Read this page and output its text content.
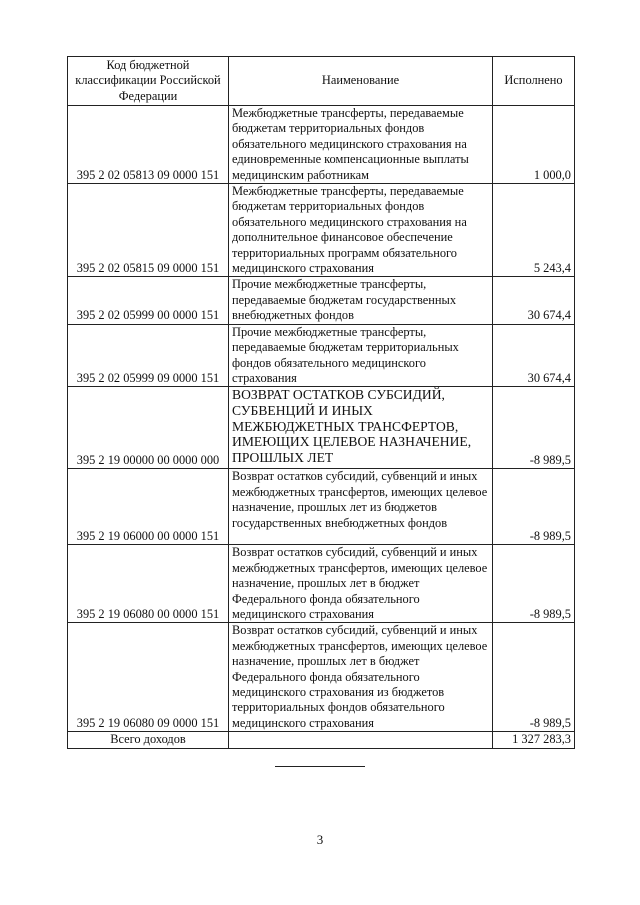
Код бюджетной классификации Российской Федерации	Наименование	Исполнено
395 2 02 05813 09 0000 151	Межбюджетные трансферты, передаваемые бюджетам территориальных фондов обязательного медицинского страхования на единовременные компенсационные выплаты медицинским работникам	1 000,0
395 2 02 05815 09 0000 151	Межбюджетные трансферты, передаваемые бюджетам территориальных фондов обязательного медицинского страхования на дополнительное финансовое обеспечение территориальных программ обязательного медицинского страхования	5 243,4
395 2 02 05999 00 0000 151	Прочие межбюджетные трансферты, передаваемые бюджетам государственных внебюджетных фондов	30 674,4
395 2 02 05999 09 0000 151	Прочие межбюджетные трансферты, передаваемые бюджетам территориальных фондов обязательного медицинского страхования	30 674,4
395 2 19 00000 00 0000 000	ВОЗВРАТ ОСТАТКОВ СУБСИДИЙ, СУБВЕНЦИЙ И ИНЫХ МЕЖБЮДЖЕТНЫХ ТРАНСФЕРТОВ, ИМЕЮЩИХ ЦЕЛЕВОЕ НАЗНАЧЕНИЕ, ПРОШЛЫХ ЛЕТ	-8 989,5
395 2 19 06000 00 0000 151	Возврат остатков субсидий, субвенций и иных межбюджетных трансфертов, имеющих целевое назначение, прошлых лет из бюджетов государственных внебюджетных фондов	-8 989,5
395 2 19 06080 00 0000 151	Возврат остатков субсидий, субвенций и иных межбюджетных трансфертов, имеющих целевое назначение, прошлых лет в бюджет Федерального фонда обязательного медицинского страхования	-8 989,5
395 2 19 06080 09 0000 151	Возврат остатков субсидий, субвенций и иных межбюджетных трансфертов, имеющих целевое назначение, прошлых лет в бюджет Федерального фонда обязательного медицинского страхования из бюджетов территориальных фондов обязательного медицинского страхования	-8 989,5
Всего доходов		1 327 283,3
3
